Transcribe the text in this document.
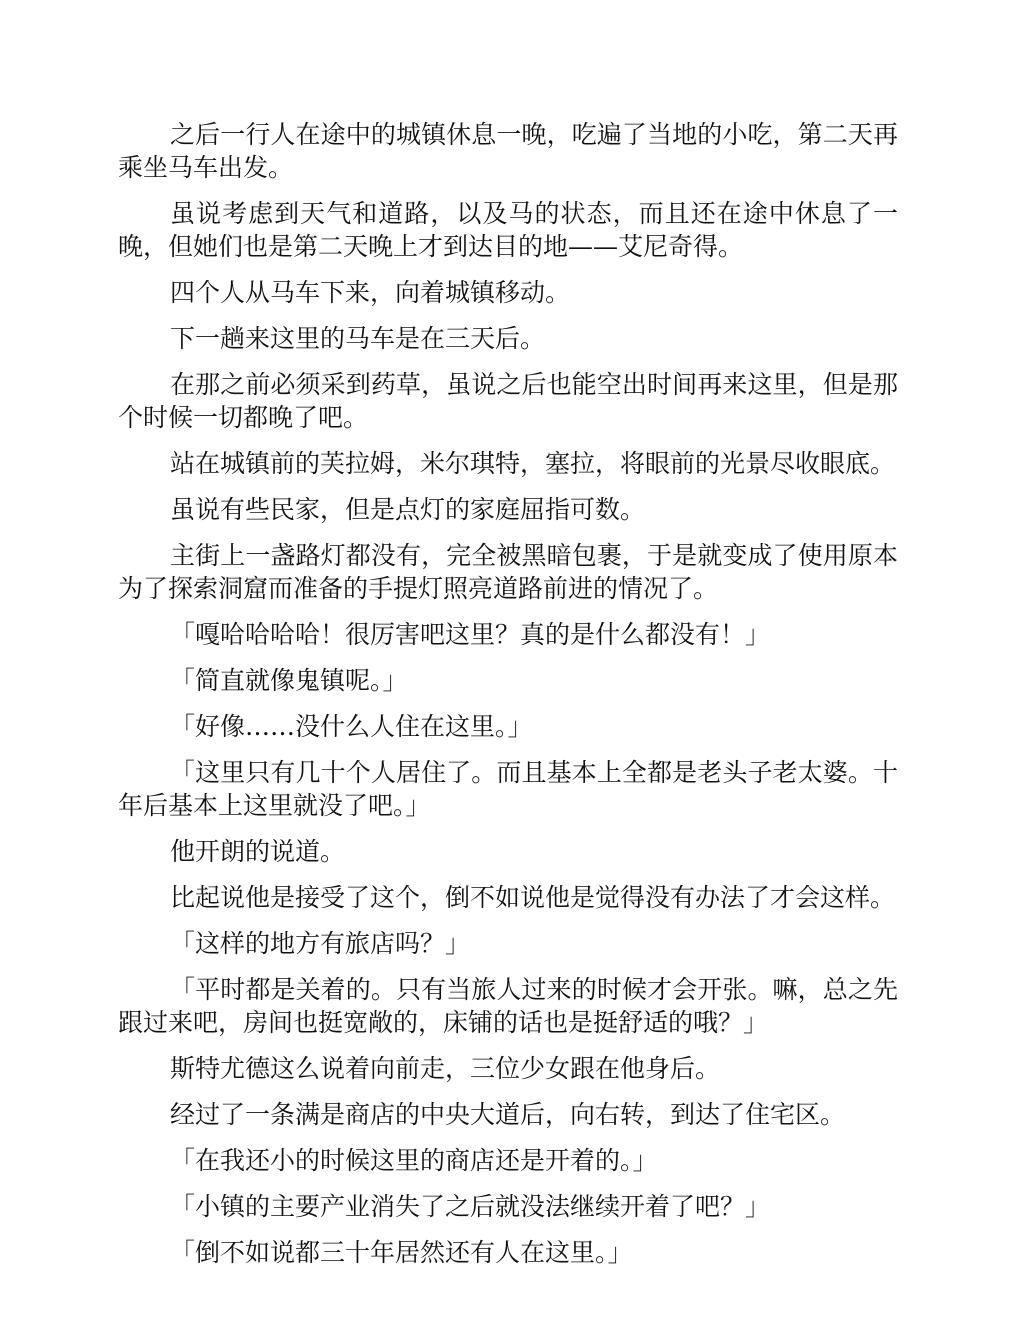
之后一行人在途中的城镇休息一晚，吃遍了当地的小吃，第二天再乘坐马车出发。

虽说考虑到天气和道路，以及马的状态，而且还在途中休息了一晚，但她们也是第二天晚上才到达目的地——艾尼奇得。

四个人从马车下来，向着城镇移动。

下一趟来这里的马车是在三天后。

在那之前必须采到药草，虽说之后也能空出时间再来这里，但是那个时候一切都晚了吧。

站在城镇前的芙拉姆，米尔琪特，塞拉，将眼前的光景尽收眼底。

虽说有些民家，但是点灯的家庭屈指可数。

主街上一盏路灯都没有，完全被黑暗包裹，于是就变成了使用原本为了探索洞窟而准备的手提灯照亮道路前进的情况了。

「嘎哈哈哈哈！很厉害吧这里？真的是什么都没有！」

「简直就像鬼镇呢。」

「好像……没什么人住在这里。」

「这里只有几十个人居住了。而且基本上全都是老头子老太婆。十年后基本上这里就没了吧。」

他开朗的说道。

比起说他是接受了这个，倒不如说他是觉得没有办法了才会这样。

「这样的地方有旅店吗？」

「平时都是关着的。只有当旅人过来的时候才会开张。嘛，总之先跟过来吧，房间也挺宽敞的，床铺的话也是挺舒适的哦？」

斯特尤德这么说着向前走，三位少女跟在他身后。

经过了一条满是商店的中央大道后，向右转，到达了住宅区。

「在我还小的时候这里的商店还是开着的。」

「小镇的主要产业消失了之后就没法继续开着了吧？」

「倒不如说都三十年居然还有人在这里。」
